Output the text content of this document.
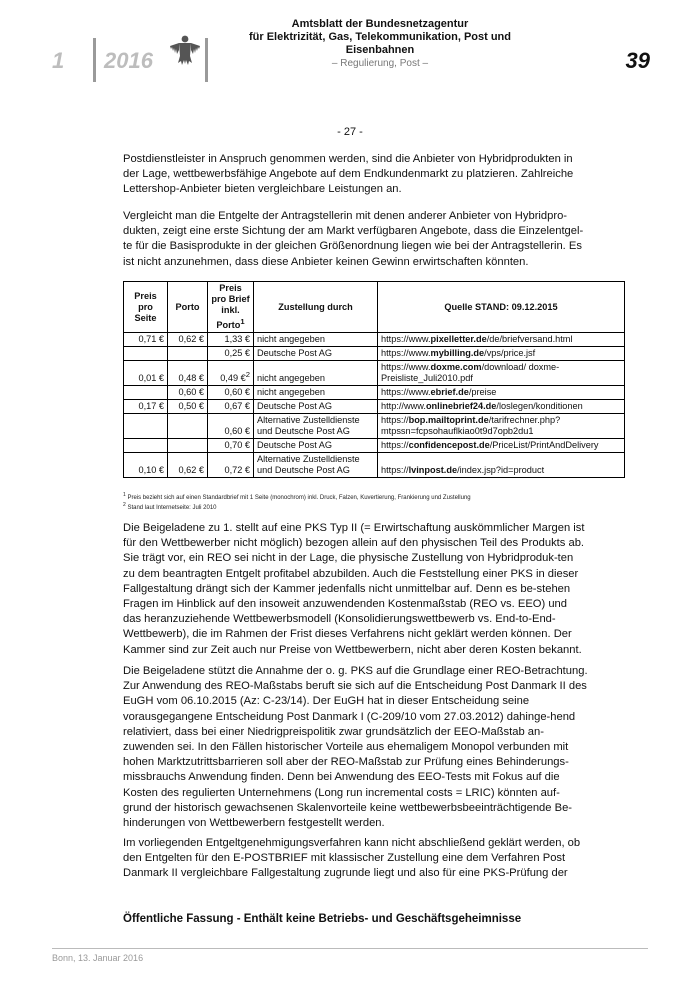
1	2016
Amtsblatt der Bundesnetzagentur
für Elektrizität, Gas, Telekommunikation, Post und Eisenbahnen
– Regulierung, Post –	39
- 27 -

Postdienstleister in Anspruch genommen werden, sind die Anbieter von Hybridprodukten in der Lage, wettbewerbsfähige Angebote auf dem Endkundenmarkt zu platzieren. Zahlreiche Lettershop-Anbieter bieten vergleichbare Leistungen an.

Vergleicht man die Entgelte der Antragstellerin mit denen anderer Anbieter von Hybridpro-dukten, zeigt eine erste Sichtung der am Markt verfügbaren Angebote, dass die Einzelentgel-te für die Basisprodukte in der gleichen Größenordnung liegen wie bei der Antragstellerin. Es ist nicht anzunehmen, dass diese Anbieter keinen Gewinn erwirtschaften könnten.

Preis pro Seite	Porto	Preis pro Brief inkl. Porto$^1$	Zustellung durch	Quelle STAND: 09.12.2015
0,71 €	0,62 €	1,33 €	nicht angegeben	https://www.pixelletter.de/de/briefversand.html
		0,25 €	Deutsche Post AG	https://www.mybilling.de/vps/price.jsf
0,01 €	0,48 €	0,49 €$^2$	nicht angegeben	https://www.doxme.com/download/ doxme-Preisliste_Juli2010.pdf
	0,60 €	0,60 €	nicht angegeben	https://www.ebrief.de/preise
0,17 €	0,50 €	0,67 €	Deutsche Post AG	http://www.onlinebrief24.de/loslegen/konditionen
		0,60 €	Alternative Zustelldienste und Deutsche Post AG	https://bop.mailtoprint.de/tarifrechner.php? mtpssn=fcpsohauflkiao0t9d7opb2du1
		0,70 €	Deutsche Post AG	https://confidencepost.de/PriceList/PrintAndDelivery
0,10 €	0,62 €	0,72 €	Alternative Zustelldienste und Deutsche Post AG	https://lvinpost.de/index.jsp?id=product
$^1$ Preis bezieht sich auf einen Standardbrief mit 1 Seite (monochrom) inkl. Druck, Falzen, Kuvertierung, Frankierung und Zustellung
$^2$ Stand laut Internetseite: Juli 2010

Die Beigeladene zu 1. stellt auf eine PKS Typ II (= Erwirtschaftung auskömmlicher Margen ist für den Wettbewerber nicht möglich) bezogen allein auf den physischen Teil des Produkts ab. Sie trägt vor, ein REO sei nicht in der Lage, die physische Zustellung von Hybridproduk-ten zu dem beantragten Entgelt profitabel abzubilden. Auch die Feststellung einer PKS in dieser Fallgestaltung drängt sich der Kammer jedenfalls nicht unmittelbar auf. Denn es be-stehen Fragen im Hinblick auf den insoweit anzuwendenden Kostenmaßstab (REO vs. EEO) und das heranzuziehende Wettbewerbsmodell (Konsolidierungswettbewerb vs. End-to-End-Wettbewerb), die im Rahmen der Frist dieses Verfahrens nicht geklärt werden können. Der Kammer sind zur Zeit auch nur Preise von Wettbewerbern, nicht aber deren Kosten bekannt.

Die Beigeladene stützt die Annahme der o. g. PKS auf die Grundlage einer REO-Betrachtung. Zur Anwendung des REO-Maßstabs beruft sie sich auf die Entscheidung Post Danmark II des EuGH vom 06.10.2015 (Az: C-23/14). Der EuGH hat in dieser Entscheidung seine vorausgegangene Entscheidung Post Danmark I (C-209/10 vom 27.03.2012) dahinge-hend relativiert, dass bei einer Niedrigpreispolitik zwar grundsätzlich der EEO-Maßstab an-zuwenden sei. In den Fällen historischer Vorteile aus ehemaligem Monopol verbunden mit hohen Marktzutrittsbarrieren soll aber der REO-Maßstab zur Prüfung eines Behinderungs-missbrauchs Anwendung finden. Denn bei Anwendung des EEO-Tests mit Fokus auf die Kosten des regulierten Unternehmens (Long run incremental costs = LRIC) könnten auf-grund der historisch gewachsenen Skalenvorteile keine wettbewerbsbeeinträchtigende Be-hinderungen von Wettbewerbern festgestellt werden.

Im vorliegenden Entgeltgenehmigungsverfahren kann nicht abschließend geklärt werden, ob den Entgelten für den E-POSTBRIEF mit klassischer Zustellung eine dem Verfahren Post Danmark II vergleichbare Fallgestaltung zugrunde liegt und also für eine PKS-Prüfung der

Öffentliche Fassung - Enthält keine Betriebs- und Geschäftsgeheimnisse
Bonn, 13. Januar 2016
